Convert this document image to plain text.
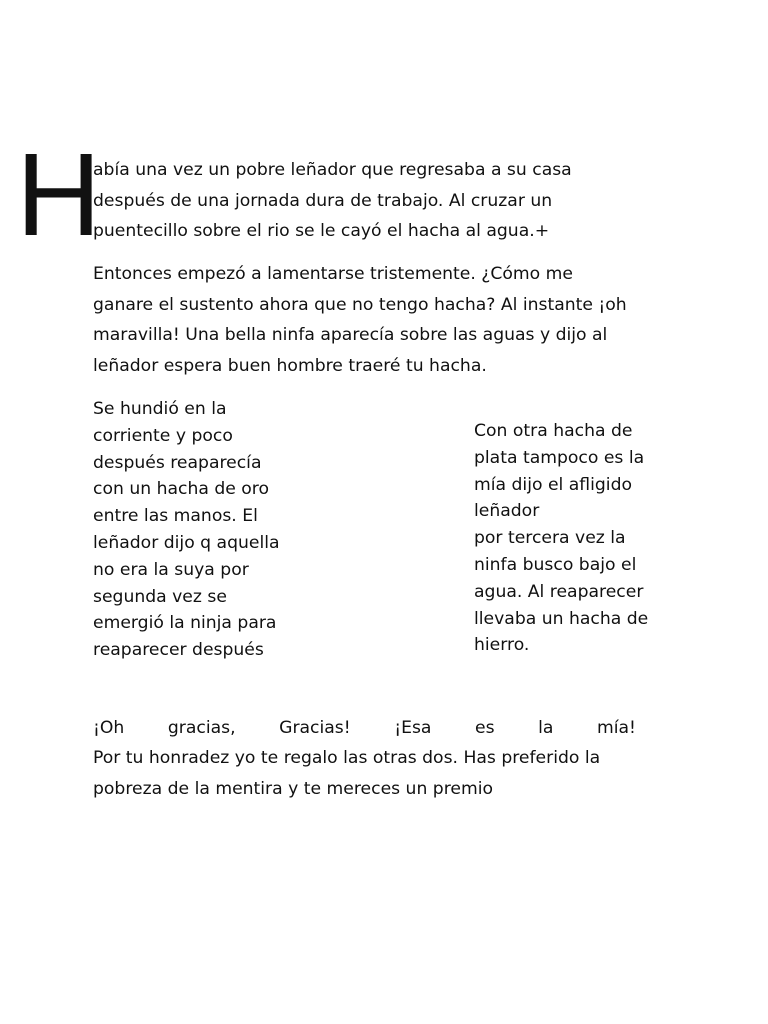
H

abía una vez un pobre leñador que regresaba a su casa
después de una jornada dura de trabajo. Al cruzar un
puentecillo sobre el rio se le cayó el hacha al agua.+

Entonces empezó a lamentarse tristemente. ¿Cómo me
ganare el sustento ahora que no tengo hacha? Al instante ¡oh
maravilla! Una bella ninfa aparecía sobre las aguas y dijo al
leñador espera buen hombre traeré tu hacha.

Se hundió en la
corriente y poco
después reaparecía
con un hacha de oro
entre las manos. El
leñador dijo q aquella
no era la suya por
segunda vez se
emergió la ninja para
reaparecer después

Con otra hacha de
plata tampoco es la
mía dijo el afligido
leñador
por tercera vez la
ninfa busco bajo el
agua. Al reaparecer
llevaba un hacha de
hierro.

¡Oh	gracias,	Gracias!	¡Esa	es	la	mía!

Por tu honradez yo te regalo las otras dos. Has preferido la
pobreza de la mentira y te mereces un premio
